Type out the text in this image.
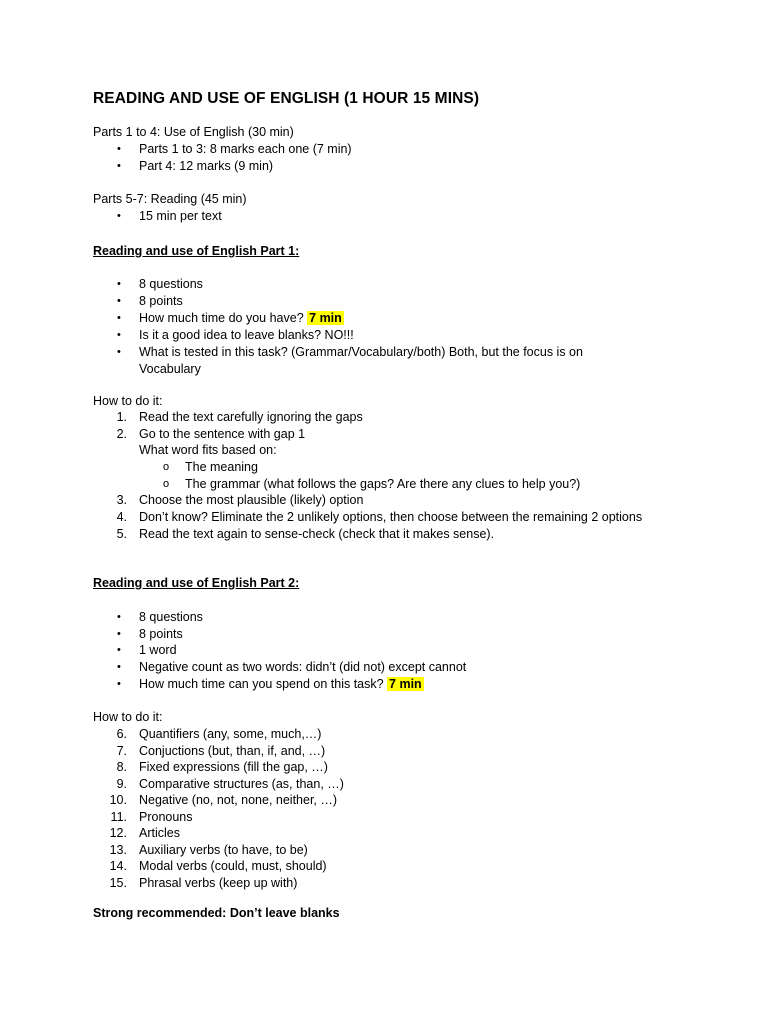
READING AND USE OF ENGLISH (1 HOUR 15 MINS)
Parts 1 to 4: Use of English (30 min)
• Parts 1 to 3: 8 marks each one (7 min)
• Part 4: 12 marks (9 min)
Parts 5-7: Reading (45 min)
• 15 min per text
Reading and use of English Part 1:
• 8 questions
• 8 points
• How much time do you have? 7 min
• Is it a good idea to leave blanks? NO!!!
• What is tested in this task? (Grammar/Vocabulary/both) Both, but the focus is on
Vocabulary
How to do it:
1. Read the text carefully ignoring the gaps
2. Go to the sentence with gap 1
What word fits based on:
o The meaning
o The grammar (what follows the gaps? Are there any clues to help you?)
3. Choose the most plausible (likely) option
4. Don’t know? Eliminate the 2 unlikely options, then choose between the remaining 2 options
5. Read the text again to sense-check (check that it makes sense).
Reading and use of English Part 2:
• 8 questions
• 8 points
• 1 word
• Negative count as two words: didn’t (did not) except cannot
• How much time can you spend on this task? 7 min
How to do it:
6. Quantifiers (any, some, much,…)
7. Conjuctions (but, than, if, and, …)
8. Fixed expressions (fill the gap, …)
9. Comparative structures (as, than, …)
10. Negative (no, not, none, neither, …)
11. Pronouns
12. Articles
13. Auxiliary verbs (to have, to be)
14. Modal verbs (could, must, should)
15. Phrasal verbs (keep up with)
Strong recommended: Don’t leave blanks
